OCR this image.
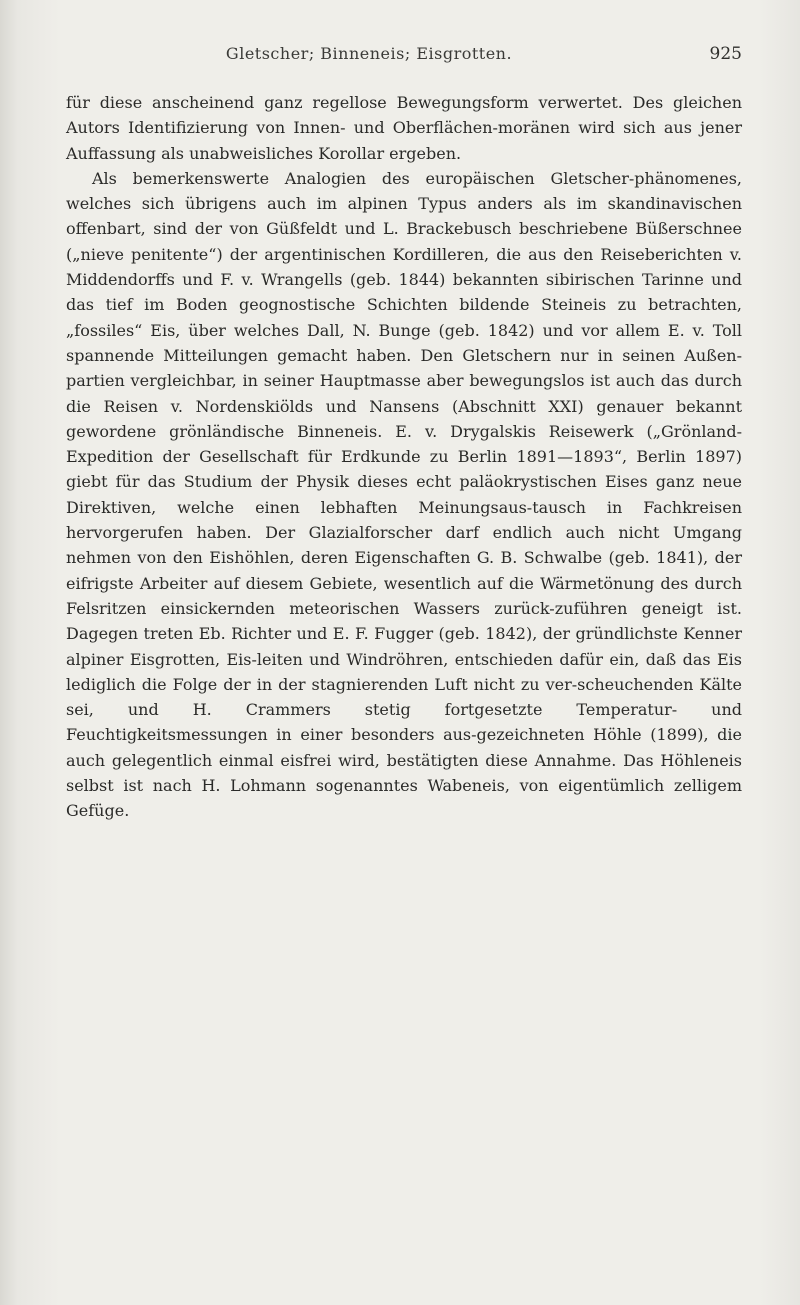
Gletscher; Binneneis; Eisgrotten.	925

für diese anscheinend ganz regellose Bewegungsform verwertet. Des gleichen Autors Identifizierung von Innen- und Oberflächen-moränen wird sich aus jener Auffassung als unabweisliches Korollar ergeben.

Als bemerkenswerte Analogien des europäischen Gletscher-phänomenes, welches sich übrigens auch im alpinen Typus anders als im skandinavischen offenbart, sind der von Güßfeldt und L. Brackebusch beschriebene Büßerschnee („nieve penitente“) der argentinischen Kordilleren, die aus den Reiseberichten v. Middendorffs und F. v. Wrangells (geb. 1844) bekannten sibirischen Tarinne und das tief im Boden geognostische Schichten bildende Steineis zu betrachten, „fossiles“ Eis, über welches Dall, N. Bunge (geb. 1842) und vor allem E. v. Toll spannende Mitteilungen gemacht haben. Den Gletschern nur in seinen Außen-partien vergleichbar, in seiner Hauptmasse aber bewegungslos ist auch das durch die Reisen v. Nordenskiölds und Nansens (Abschnitt XXI) genauer bekannt gewordene grönländische Binneneis. E. v. Drygalskis Reisewerk („Grönland-Expedition der Gesellschaft für Erdkunde zu Berlin 1891—1893“, Berlin 1897) giebt für das Studium der Physik dieses echt paläokrystischen Eises ganz neue Direktiven, welche einen lebhaften Meinungsaus-tausch in Fachkreisen hervorgerufen haben. Der Glazialforscher darf endlich auch nicht Umgang nehmen von den Eishöhlen, deren Eigenschaften G. B. Schwalbe (geb. 1841), der eifrigste Arbeiter auf diesem Gebiete, wesentlich auf die Wärmetönung des durch Felsritzen einsickernden meteorischen Wassers zurück-zuführen geneigt ist. Dagegen treten Eb. Richter und E. F. Fugger (geb. 1842), der gründlichste Kenner alpiner Eisgrotten, Eis-leiten und Windröhren, entschieden dafür ein, daß das Eis lediglich die Folge der in der stagnierenden Luft nicht zu ver-scheuchenden Kälte sei, und H. Crammers stetig fortgesetzte Temperatur- und Feuchtigkeitsmessungen in einer besonders aus-gezeichneten Höhle (1899), die auch gelegentlich einmal eisfrei wird, bestätigten diese Annahme. Das Höhleneis selbst ist nach H. Lohmann sogenanntes Wabeneis, von eigentümlich zelligem Gefüge.
